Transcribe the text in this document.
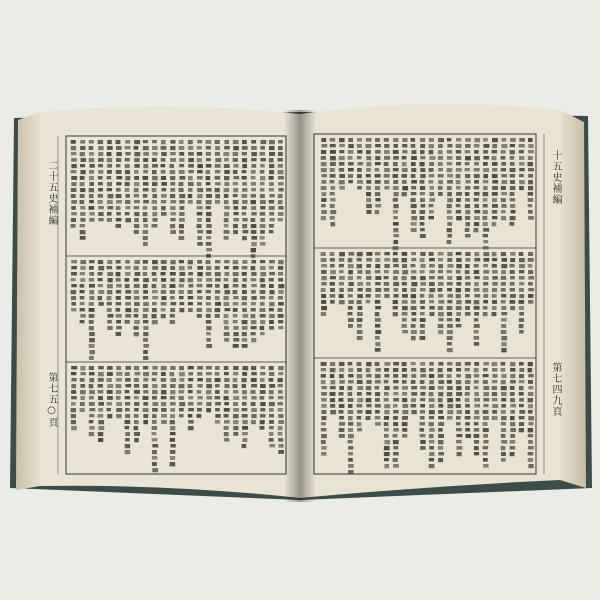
二十五史補編
第七五○頁
十五史補編
第七四九頁
